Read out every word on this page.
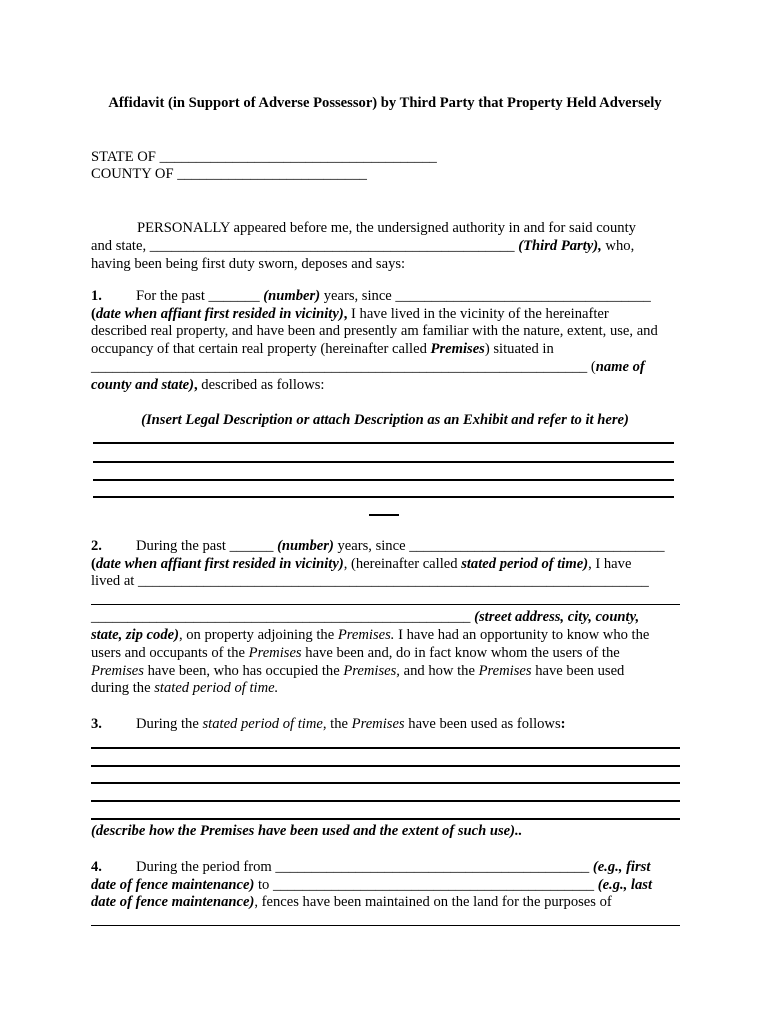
Affidavit (in Support of Adverse Possessor) by Third Party that Property Held Adversely
STATE OF ______________________________________
COUNTY OF __________________________
PERSONALLY appeared before me, the undersigned authority in and for said county
and state, __________________________________________________ (Third Party), who,
having been being first duty sworn, deposes and says:
1. For the past _______ (number) years, since ___________________________________
(date when affiant first resided in vicinity), I have lived in the vicinity of the hereinafter
described real property, and have been and presently am familiar with the nature, extent, use, and
occupancy of that certain real property (hereinafter called Premises) situated in
____________________________________________________________________ (name of
county and state), described as follows:
(Insert Legal Description or attach Description as an Exhibit and refer to it here)
2. During the past ______ (number) years, since ___________________________________
(date when affiant first resided in vicinity), (hereinafter called stated period of time), I have
lived at ______________________________________________________________________
____________________________________________________ (street address, city, county,
state, zip code), on property adjoining the Premises. I have had an opportunity to know who the
users and occupants of the Premises have been and, do in fact know whom the users of the
Premises have been, who has occupied the Premises, and how the Premises have been used
during the stated period of time.
3. During the stated period of time, the Premises have been used as follows:
(describe how the Premises have been used and the extent of such use)..
4. During the period from ___________________________________________ (e.g., first
date of fence maintenance) to ____________________________________________ (e.g., last
date of fence maintenance), fences have been maintained on the land for the purposes of
